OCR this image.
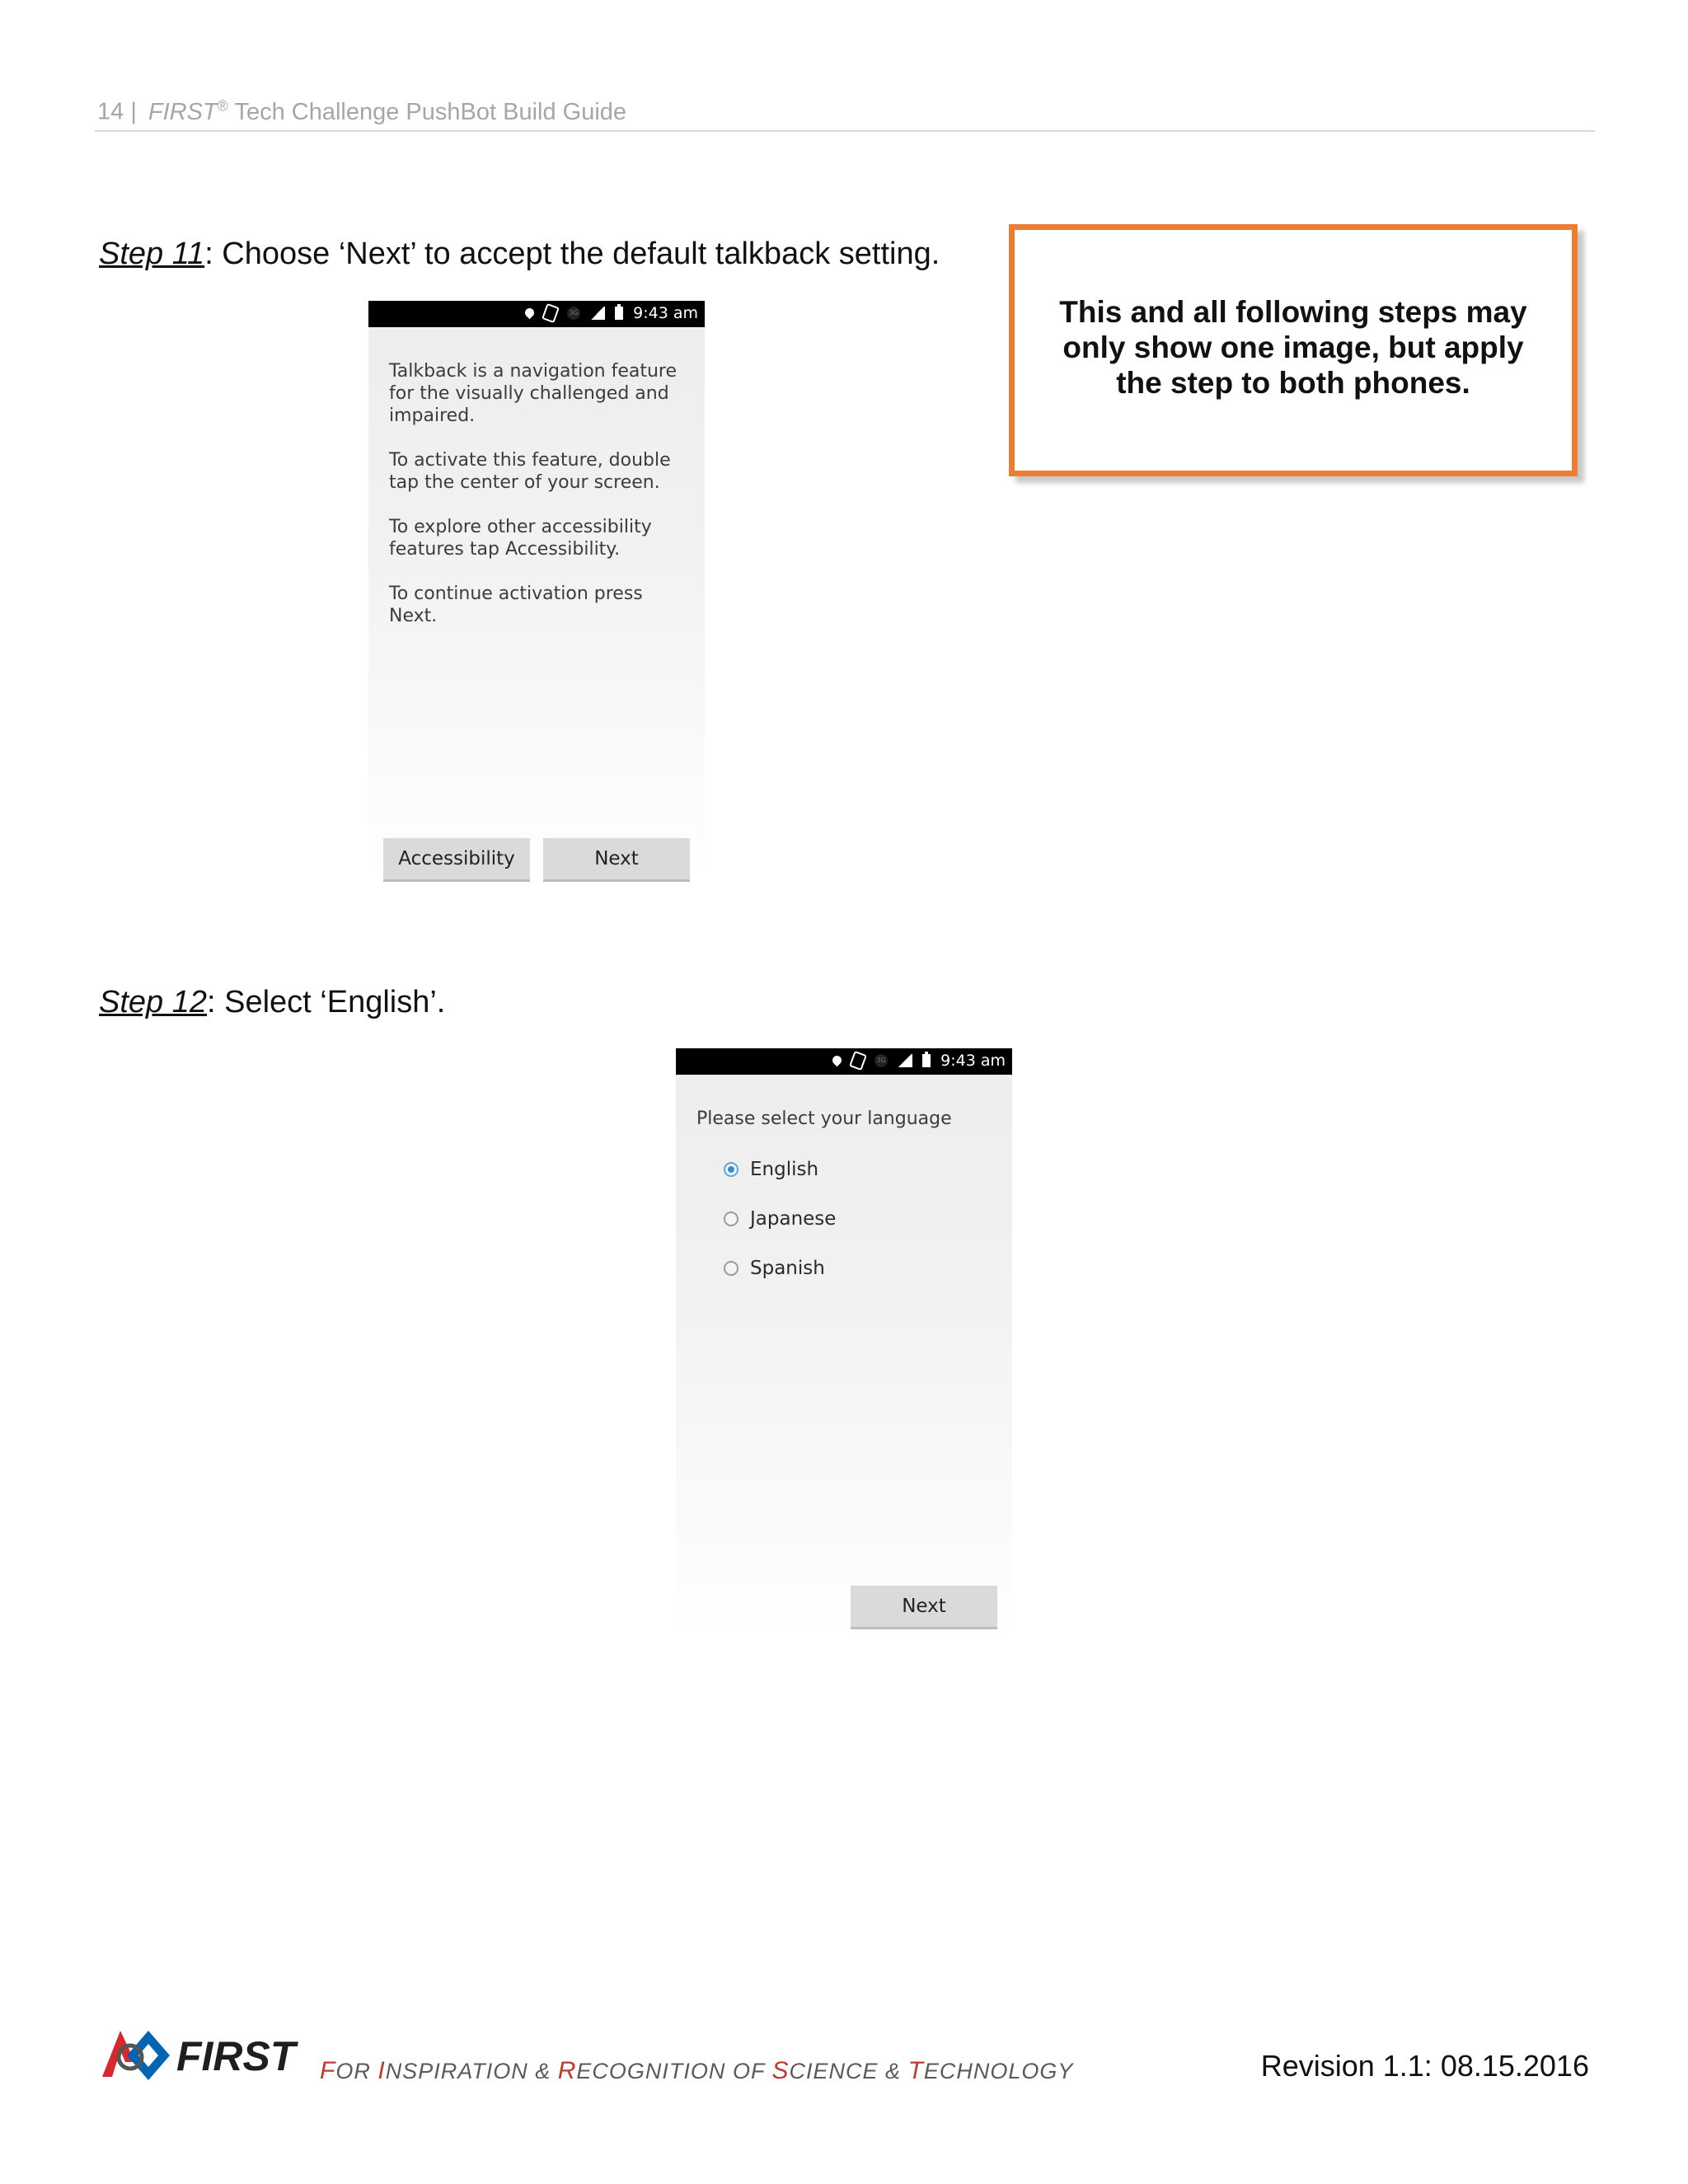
14 | FIRST® Tech Challenge PushBot Build Guide
Step 11: Choose ‘Next’ to accept the default talkback setting.
This and all following steps may only show one image, but apply the step to both phones.
3G	9:43 am

Talkback is a navigation feature for the visually challenged and impaired.

To activate this feature, double tap the center of your screen.

To explore other accessibility features tap Accessibility.

To continue activation press Next.

Accessibility	Next
Step 12: Select ‘English’.
3G	9:43 am
Please select your language
English
Japanese
Spanish
Next
FIRST FOR INSPIRATION & RECOGNITION OF SCIENCE & TECHNOLOGY	Revision 1.1: 08.15.2016
